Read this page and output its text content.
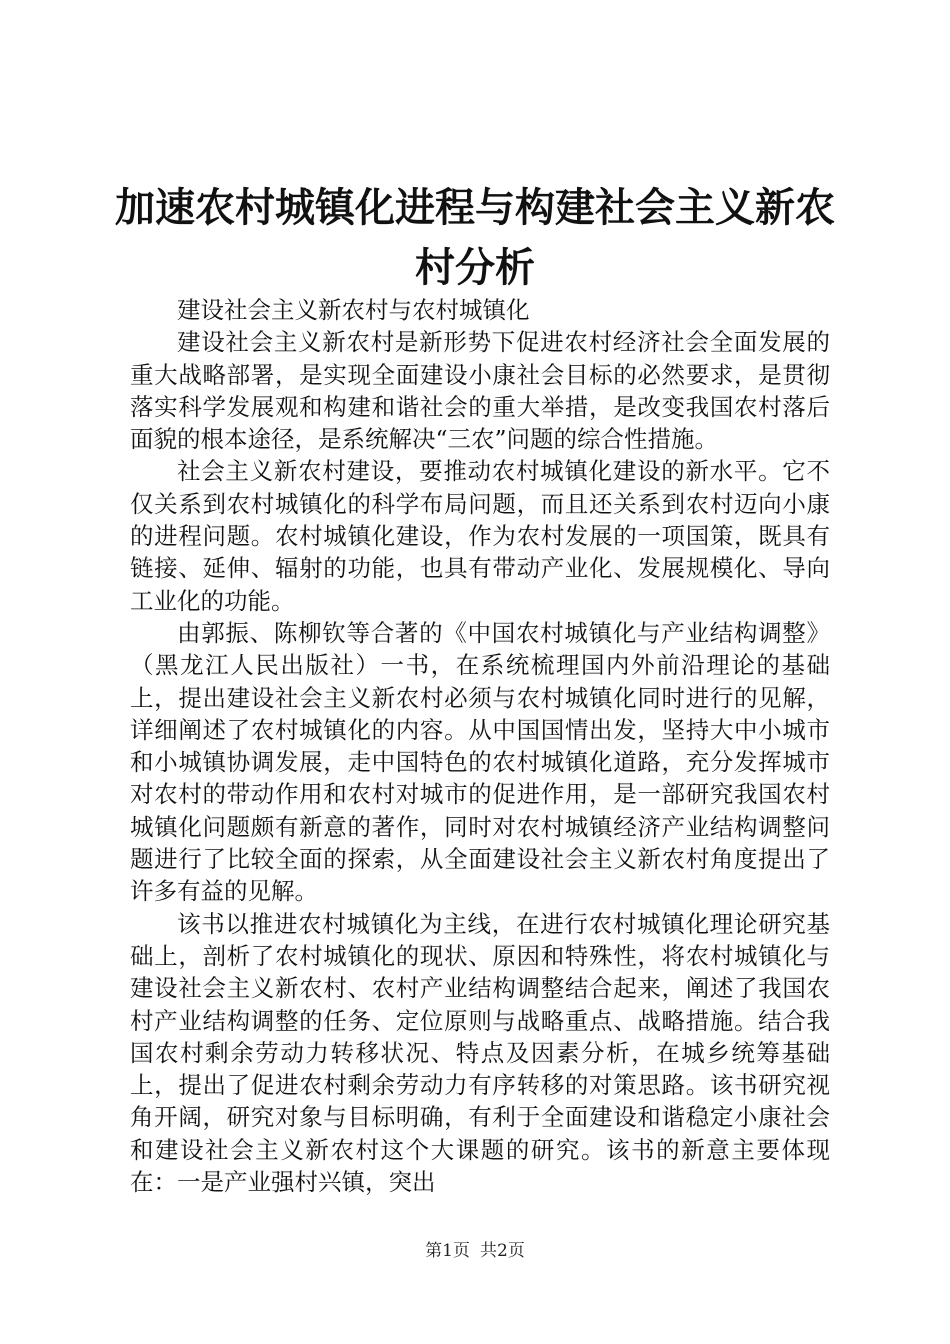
加速农村城镇化进程与构建社会主义新农村分析

建设社会主义新农村与农村城镇化

建设社会主义新农村是新形势下促进农村经济社会全面发展的重大战略部署，是实现全面建设小康社会目标的必然要求，是贯彻落实科学发展观和构建和谐社会的重大举措，是改变我国农村落后面貌的根本途径，是系统解决“三农”问题的综合性措施。

社会主义新农村建设，要推动农村城镇化建设的新水平。它不仅关系到农村城镇化的科学布局问题，而且还关系到农村迈向小康的进程问题。农村城镇化建设，作为农村发展的一项国策，既具有链接、延伸、辐射的功能，也具有带动产业化、发展规模化、导向工业化的功能。

由郭振、陈柳钦等合著的《中国农村城镇化与产业结构调整》（黑龙江人民出版社）一书，在系统梳理国内外前沿理论的基础上，提出建设社会主义新农村必须与农村城镇化同时进行的见解，详细阐述了农村城镇化的内容。从中国国情出发，坚持大中小城市和小城镇协调发展，走中国特色的农村城镇化道路，充分发挥城市对农村的带动作用和农村对城市的促进作用，是一部研究我国农村城镇化问题颇有新意的著作，同时对农村城镇经济产业结构调整问题进行了比较全面的探索，从全面建设社会主义新农村角度提出了许多有益的见解。

该书以推进农村城镇化为主线，在进行农村城镇化理论研究基础上，剖析了农村城镇化的现状、原因和特殊性，将农村城镇化与建设社会主义新农村、农村产业结构调整结合起来，阐述了我国农村产业结构调整的任务、定位原则与战略重点、战略措施。结合我国农村剩余劳动力转移状况、特点及因素分析，在城乡统筹基础上，提出了促进农村剩余劳动力有序转移的对策思路。该书研究视角开阔，研究对象与目标明确，有利于全面建设和谐稳定小康社会和建设社会主义新农村这个大课题的研究。该书的新意主要体现在：一是产业强村兴镇，突出

第1页 共2页
